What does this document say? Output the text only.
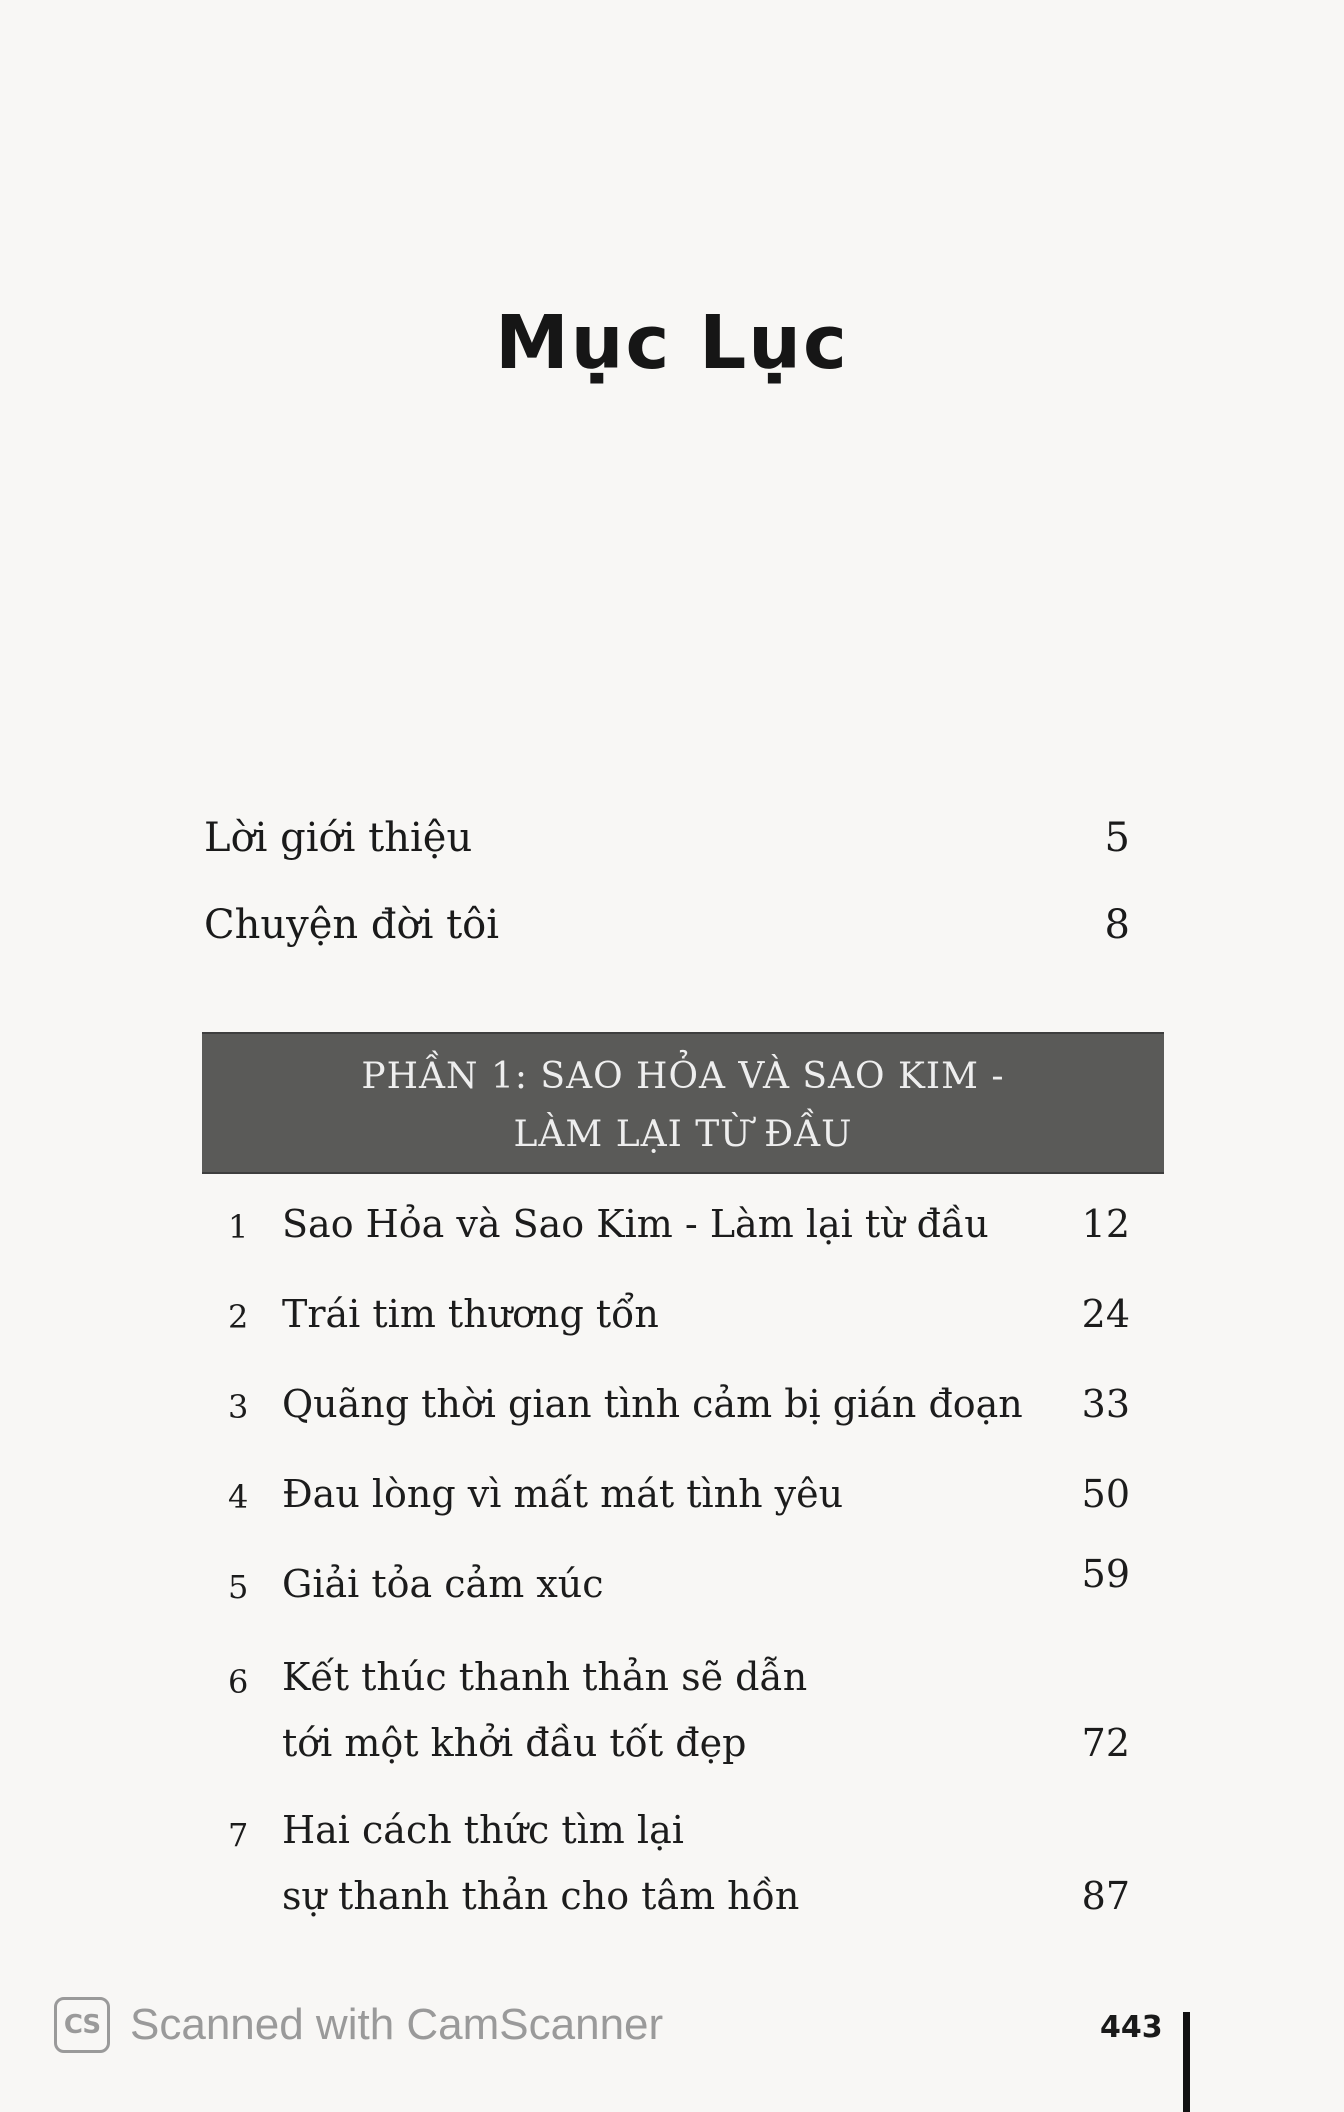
Mục Lục
Lời giới thiệu	5
Chuyện đời tôi	8
PHẦN 1: SAO HỎA VÀ SAO KIM -
LÀM LẠI TỪ ĐẦU
1 Sao Hỏa và Sao Kim - Làm lại từ đầu 12
2 Trái tim thương tổn	24
3 Quãng thời gian tình cảm bị gián đoạn 33
4 Đau lòng vì mất mát tình yêu	50
5 Giải tỏa cảm xúc	59
6 Kết thúc thanh thản sẽ dẫn
tới một khởi đầu tốt đẹp	72
7 Hai cách thức tìm lại
sự thanh thản cho tâm hồn	87
CS Scanned with CamScanner	443
